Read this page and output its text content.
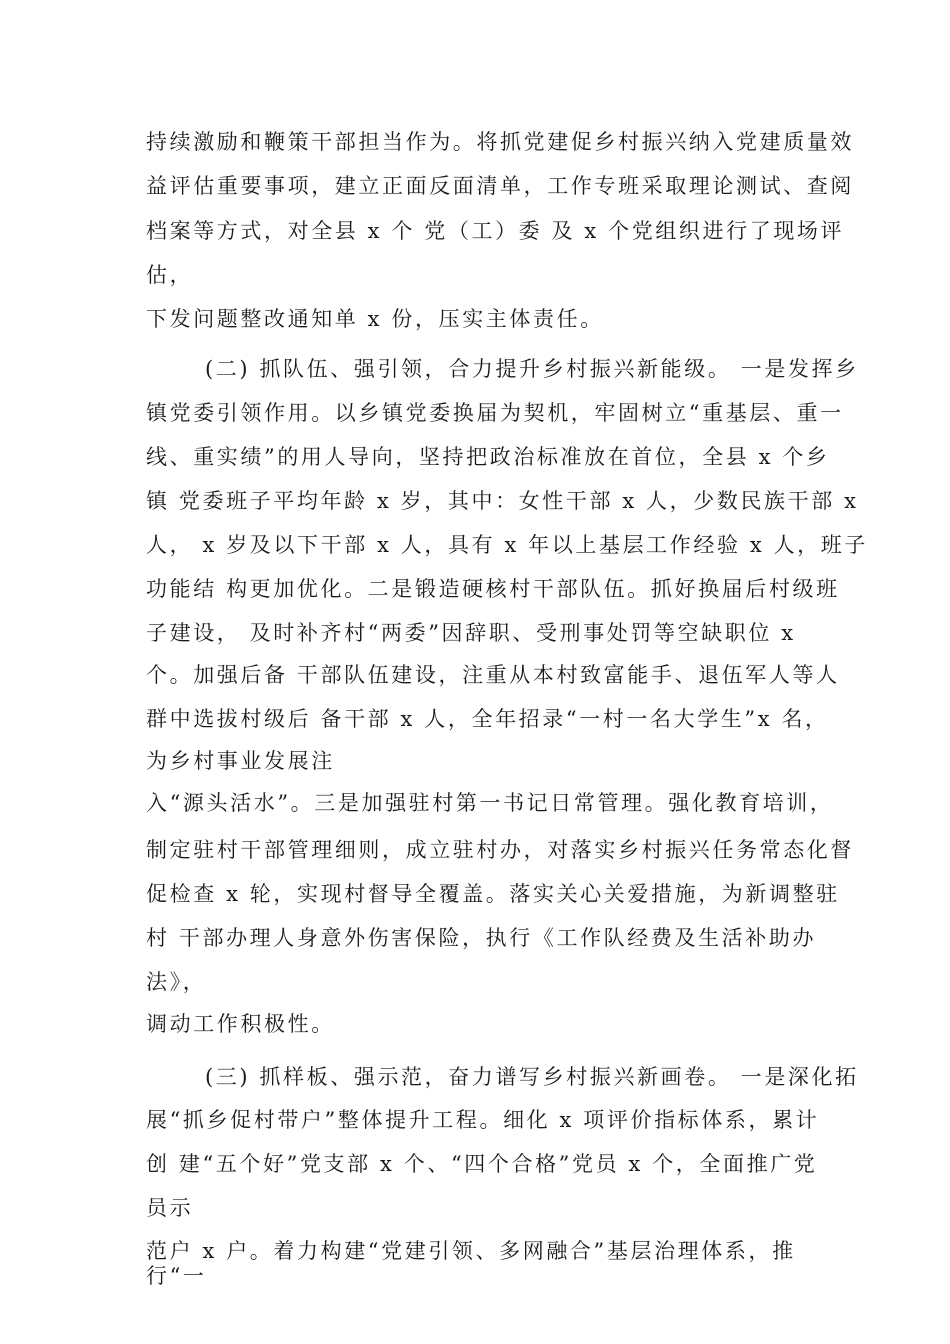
持续激励和鞭策干部担当作为。将抓党建促乡村振兴纳入党建质量效
益评估重要事项，建立正面反面清单，工作专班采取理论测试、查阅
档案等方式，对全县 x 个 党（工）委 及 x 个党组织进行了现场评
估，
下发问题整改通知单 x 份，压实主体责任。
(二) 抓队伍、强引领，合力提升乡村振兴新能级。 一是发挥乡
镇党委引领作用。以乡镇党委换届为契机，牢固树立“重基层、重一
线、重实绩”的用人导向，坚持把政治标准放在首位，全县 x 个乡
镇 党委班子平均年龄 x 岁，其中：女性干部 x 人，少数民族干部 x
人， x 岁及以下干部 x 人，具有 x 年以上基层工作经验 x 人，班子
功能结 构更加优化。二是锻造硬核村干部队伍。抓好换届后村级班
子建设， 及时补齐村“两委”因辞职、受刑事处罚等空缺职位 x
个。加强后备 干部队伍建设，注重从本村致富能手、退伍军人等人
群中选拔村级后 备干部 x 人，全年招录“一村一名大学生”x 名，
为乡村事业发展注
入“源头活水”。三是加强驻村第一书记日常管理。强化教育培训，
制定驻村干部管理细则，成立驻村办，对落实乡村振兴任务常态化督
促检查 x 轮，实现村督导全覆盖。落实关心关爱措施，为新调整驻
村 干部办理人身意外伤害保险，执行《工作队经费及生活补助办
法》，
调动工作积极性。
(三) 抓样板、强示范，奋力谱写乡村振兴新画卷。 一是深化拓
展“抓乡促村带户”整体提升工程。细化 x 项评价指标体系，累计
创 建“五个好”党支部 x 个、“四个合格”党员 x 个，全面推广党
员示
范户 x 户。着力构建“党建引领、多网融合”基层治理体系，推
行“一
